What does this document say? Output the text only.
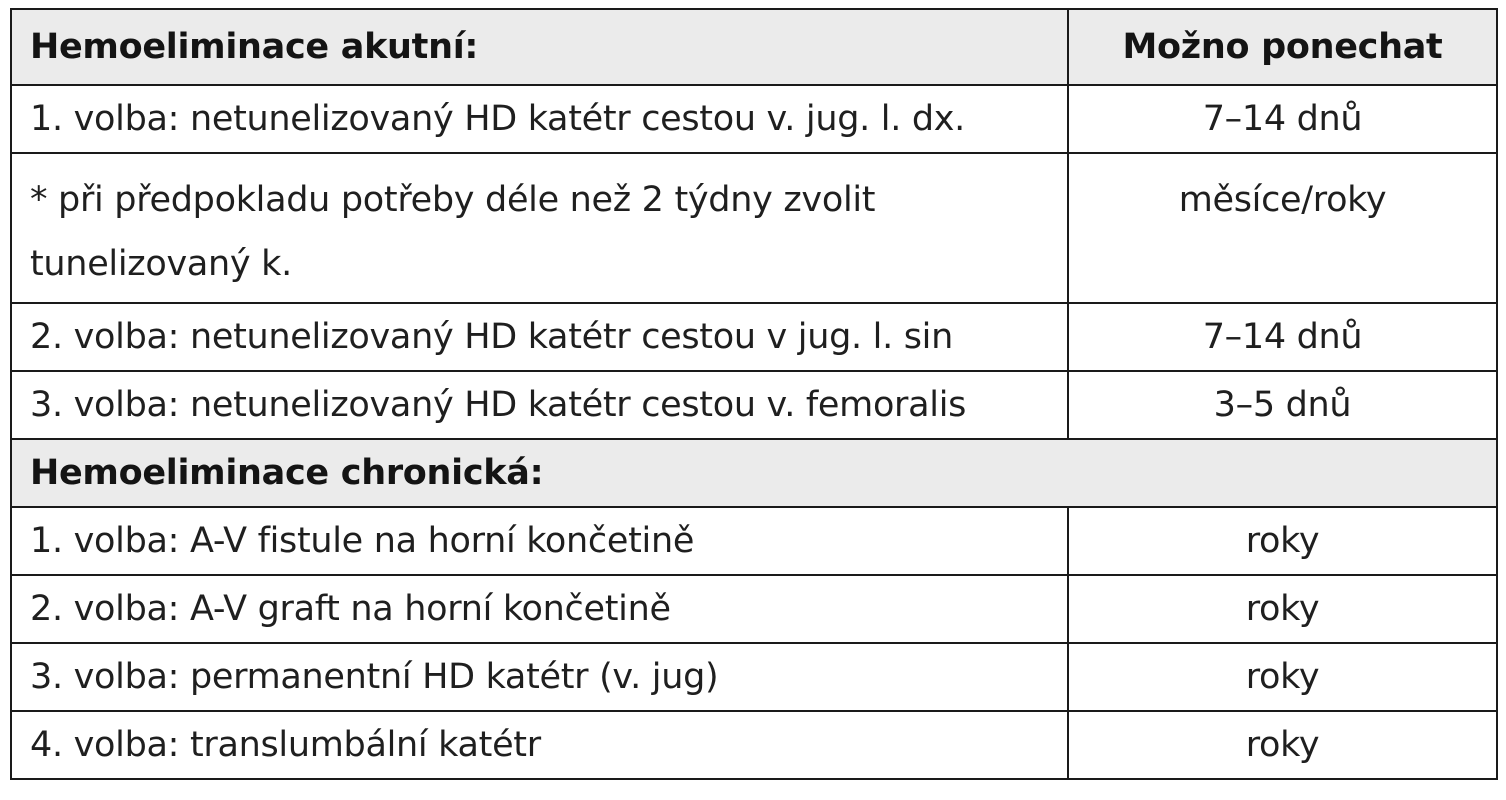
Hemoeliminace akutní:	Možno ponechat
1. volba: netunelizovaný HD katétr cestou v. jug. l. dx.	7–14 dnů
* při předpokladu potřeby déle než 2 týdny zvolit tunelizovaný k.	měsíce/roky
2. volba: netunelizovaný HD katétr cestou v jug. l. sin	7–14 dnů
3. volba: netunelizovaný HD katétr cestou v. femoralis	3–5 dnů
Hemoeliminace chronická:	
1. volba: A-V fistule na horní končetině	roky
2. volba: A-V graft na horní končetině	roky
3. volba: permanentní HD katétr (v. jug)	roky
4. volba: translumbální katétr	roky
